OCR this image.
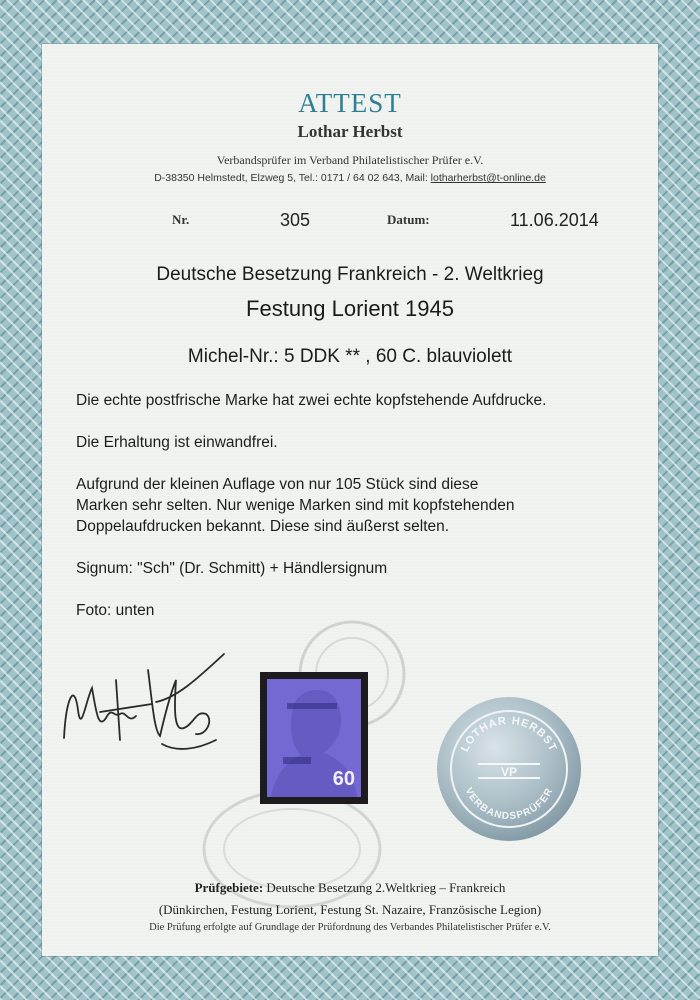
ATTEST
Lothar Herbst
Verbandsprüfer im Verband Philatelistischer Prüfer e.V.
D-38350 Helmstedt, Elzweg 5, Tel.: 0171 / 64 02 643, Mail: lotharherbst@t-online.de
Nr.	305	Datum:	11.06.2014
Deutsche Besetzung Frankreich - 2. Weltkrieg
Festung Lorient 1945
Michel-Nr.: 5 DDK ** , 60 C. blauviolett
Die echte postfrische Marke hat zwei echte kopfstehende Aufdrucke.
Die Erhaltung ist einwandfrei.
Aufgrund der kleinen Auflage von nur 105 Stück sind diese
Marken sehr selten. Nur wenige Marken sind mit kopfstehenden
Doppelaufdrucken bekannt. Diese sind äußerst selten.
Signum: "Sch" (Dr. Schmitt) + Händlersignum
Foto: unten
60
LOTHAR HERBST
VERBANDSPRÜFER
VP
Prüfgebiete: Deutsche Besetzung 2.Weltkrieg – Frankreich
(Dünkirchen, Festung Lorient, Festung St. Nazaire, Französische Legion)
Die Prüfung erfolgte auf Grundlage der Prüfordnung des Verbandes Philatelistischer Prüfer e.V.
